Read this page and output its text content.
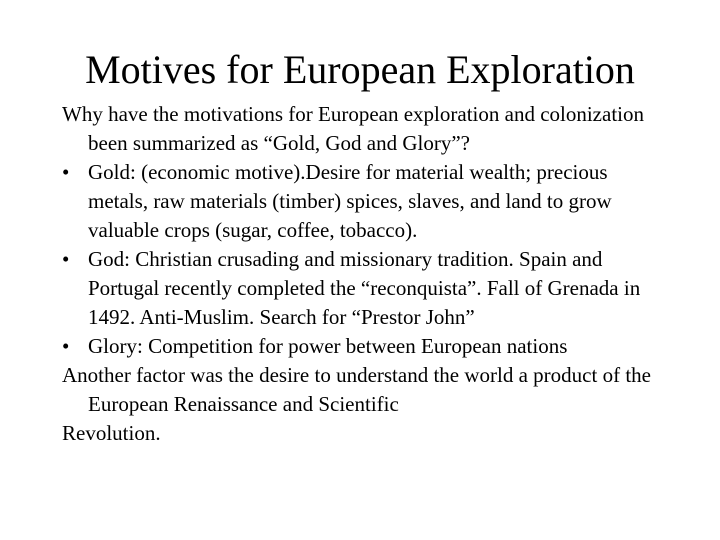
Motives for European Exploration

Why have the motivations for European exploration and colonization been summarized as “Gold, God and Glory”?

• Gold: (economic motive).Desire for material wealth; precious metals, raw materials (timber) spices, slaves, and land to grow valuable crops (sugar, coffee, tobacco).
• God: Christian crusading and missionary tradition. Spain and Portugal recently completed the “reconquista”. Fall of Grenada in 1492. Anti-Muslim. Search for “Prestor John”
• Glory: Competition for power between European nations

Another factor was the desire to understand the world a product of the European Renaissance and Scientific

Revolution.
